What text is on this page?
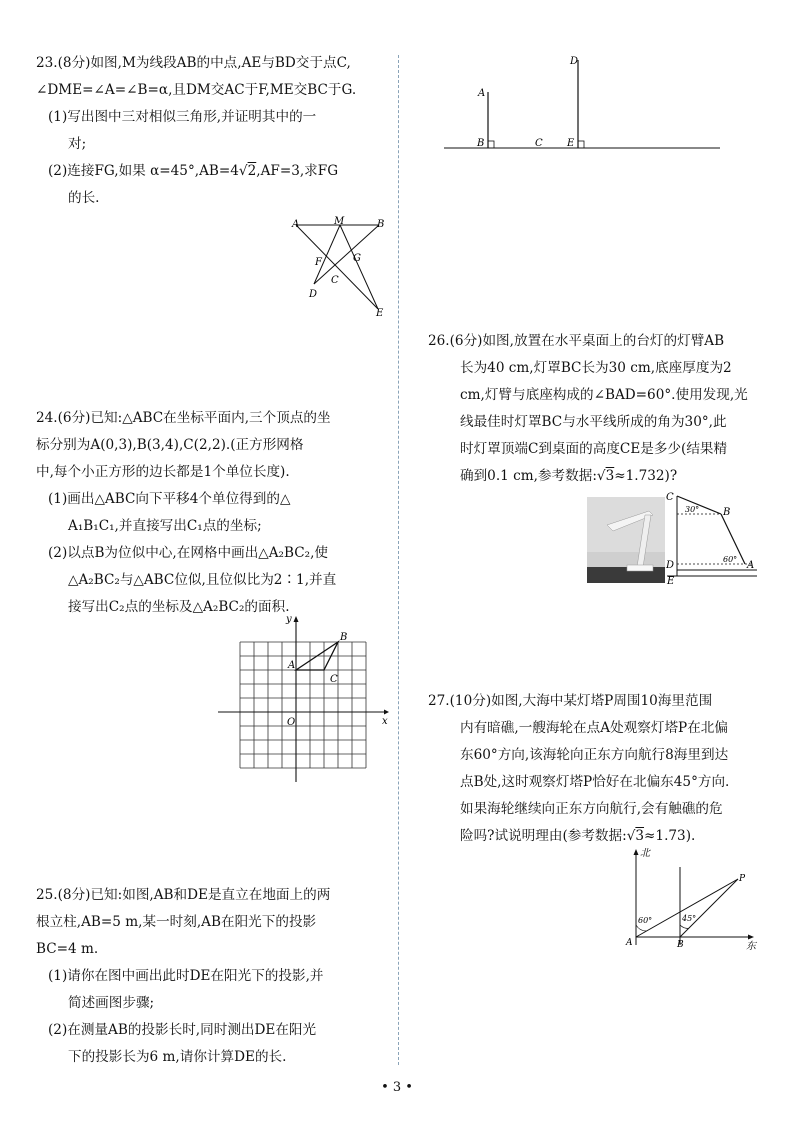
23.(8分)如图,M为线段AB的中点,AE与BD交于点C,

∠DME=∠A=∠B=α,且DM交AC于F,ME交BC于G.

(1)写出图中三对相似三角形,并证明其中的一

对;

(2)连接FG,如果 α=45°,AB=4√2,AF=3,求FG

的长.

A	M	B
F	G
C
D
E

24.(6分)已知:△ABC在坐标平面内,三个顶点的坐

标分别为A(0,3),B(3,4),C(2,2).(正方形网格

中,每个小正方形的边长都是1个单位长度).

(1)画出△ABC向下平移4个单位得到的△

A₁B₁C₁,并直接写出C₁点的坐标;

(2)以点B为位似中心,在网格中画出△A₂BC₂,使

△A₂BC₂与△ABC位似,且位似比为2∶1,并直

接写出C₂点的坐标及△A₂BC₂的面积.

x
y
O
A
B
C

25.(8分)已知:如图,AB和DE是直立在地面上的两

根立柱,AB=5 m,某一时刻,AB在阳光下的投影

BC=4 m.

(1)请你在图中画出此时DE在阳光下的投影,并

简述画图步骤;

(2)在测量AB的投影长时,同时测出DE在阳光

下的投影长为6 m,请你计算DE的长.

D
A
B	C E

26.(6分)如图,放置在水平桌面上的台灯的灯臂AB

长为40 cm,灯罩BC长为30 cm,底座厚度为2

cm,灯臂与底座构成的∠BAD=60°.使用发现,光

线最佳时灯罩BC与水平线所成的角为30°,此

时灯罩顶端C到桌面的高度CE是多少(结果精

确到0.1 cm,参考数据:√3≈1.732)?

C
B
D
E
A
30°
60°

27.(10分)如图,大海中某灯塔P周围10海里范围

内有暗礁,一艘海轮在点A处观察灯塔P在北偏

东60°方向,该海轮向正东方向航行8海里到达

点B处,这时观察灯塔P恰好在北偏东45°方向.

如果海轮继续向正东方向航行,会有触礁的危

险吗?试说明理由(参考数据:√3≈1.73).

北
东
A	B
P
60°	45°
• 3 •
